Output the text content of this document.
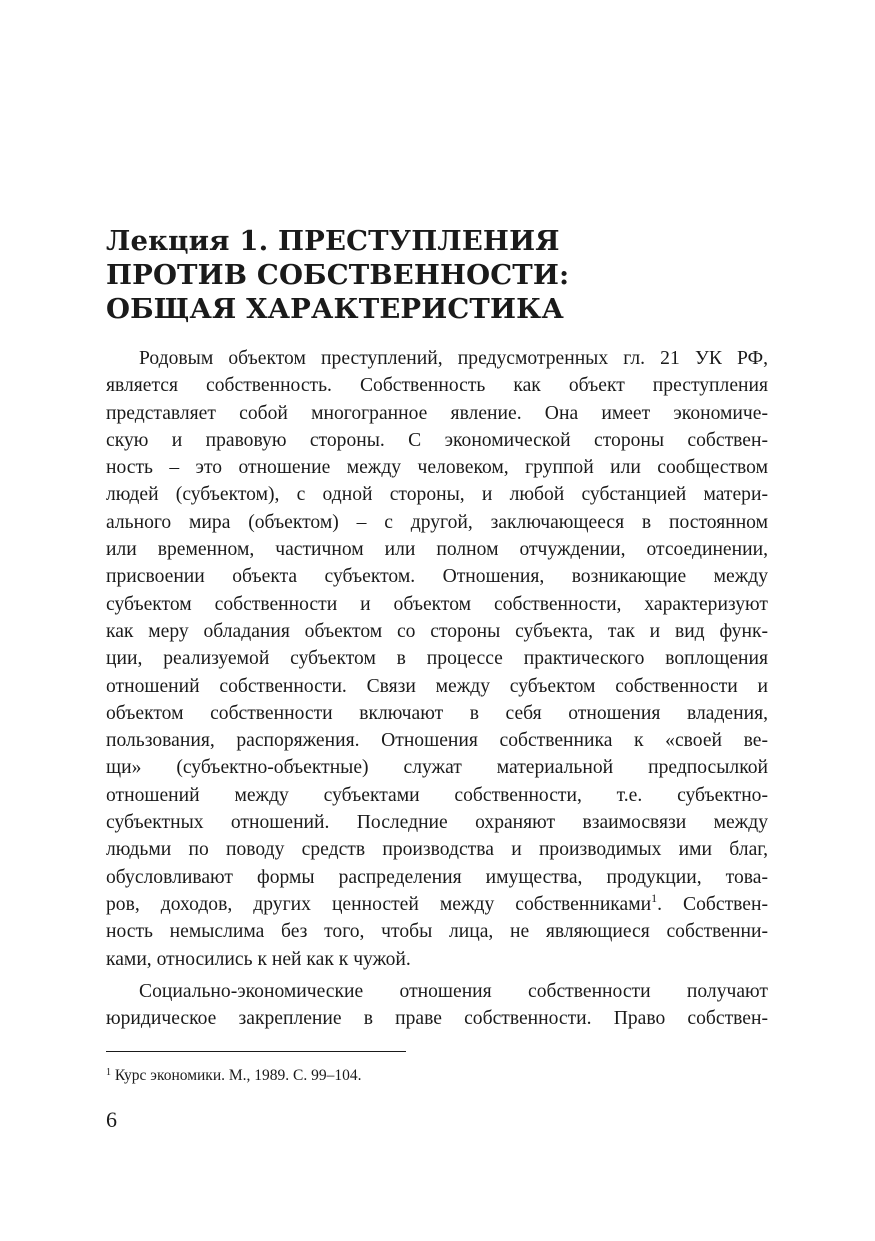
Лекция 1. ПРЕСТУПЛЕНИЯ
ПРОТИВ СОБСТВЕННОСТИ:
ОБЩАЯ ХАРАКТЕРИСТИКА
Родовым объектом преступлений, предусмотренных гл. 21 УК РФ,
является собственность. Собственность как объект преступления
представляет собой многогранное явление. Она имеет экономиче-
скую и правовую стороны. С экономической стороны собствен-
ность – это отношение между человеком, группой или сообществом
людей (субъектом), с одной стороны, и любой субстанцией матери-
ального мира (объектом) – с другой, заключающееся в постоянном
или временном, частичном или полном отчуждении, отсоединении,
присвоении объекта субъектом. Отношения, возникающие между
субъектом собственности и объектом собственности, характеризуют
как меру обладания объектом со стороны субъекта, так и вид функ-
ции, реализуемой субъектом в процессе практического воплощения
отношений собственности. Связи между субъектом собственности и
объектом собственности включают в себя отношения владения,
пользования, распоряжения. Отношения собственника к «своей ве-
щи» (субъектно-объектные) служат материальной предпосылкой
отношений между субъектами собственности, т.е. субъектно-
субъектных отношений. Последние охраняют взаимосвязи между
людьми по поводу средств производства и производимых ими благ,
обусловливают формы распределения имущества, продукции, това-
ров, доходов, других ценностей между собственниками$^1$. Собствен-
ность немыслима без того, чтобы лица, не являющиеся собственни-
ками, относились к ней как к чужой.
Социально-экономические отношения собственности получают
юридическое закрепление в праве собственности. Право собствен-
$^1$ Курс экономики. М., 1989. С. 99–104.
6
